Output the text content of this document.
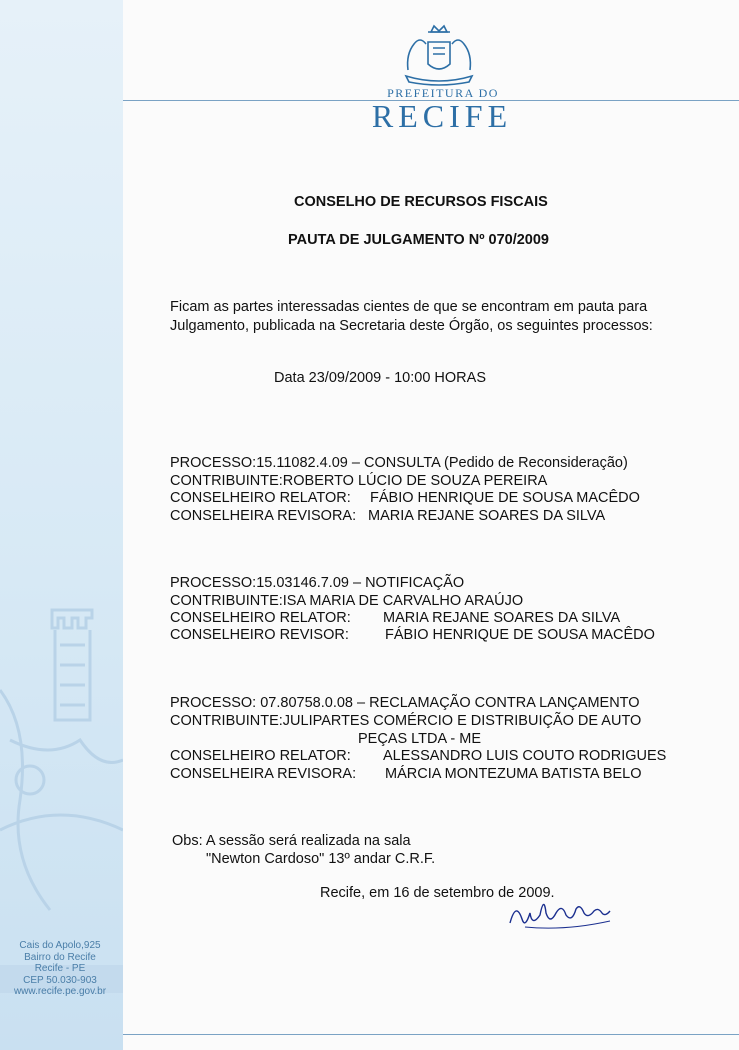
Cais do Apolo,925
Bairro do Recife
Recife - PE
CEP 50.030-903
www.recife.pe.gov.br
PREFEITURA DO
RECIFE
CONSELHO DE RECURSOS FISCAIS
PAUTA DE JULGAMENTO Nº 070/2009
Ficam as partes interessadas cientes de que se encontram em pauta para
Julgamento, publicada na Secretaria deste Órgão, os seguintes processos:
Data 23/09/2009 - 10:00 HORAS
PROCESSO:15.11082.4.09 – CONSULTA (Pedido de Reconsideração)
CONTRIBUINTE:ROBERTO LÚCIO DE SOUZA PEREIRA
CONSELHEIRO RELATOR: FÁBIO HENRIQUE DE SOUSA MACÊDO
CONSELHEIRA REVISORA: MARIA REJANE SOARES DA SILVA
PROCESSO:15.03146.7.09 – NOTIFICAÇÃO
CONTRIBUINTE:ISA MARIA DE CARVALHO ARAÚJO
CONSELHEIRO RELATOR: MARIA REJANE SOARES DA SILVA
CONSELHEIRO REVISOR: FÁBIO HENRIQUE DE SOUSA MACÊDO
PROCESSO: 07.80758.0.08 – RECLAMAÇÃO CONTRA LANÇAMENTO
CONTRIBUINTE:JULIPARTES COMÉRCIO E DISTRIBUIÇÃO DE AUTO
PEÇAS LTDA - ME
CONSELHEIRO RELATOR: ALESSANDRO LUIS COUTO RODRIGUES
CONSELHEIRA REVISORA: MÁRCIA MONTEZUMA BATISTA BELO
Obs: A sessão será realizada na sala
"Newton Cardoso" 13º andar C.R.F.
Recife, em 16 de setembro de 2009.
